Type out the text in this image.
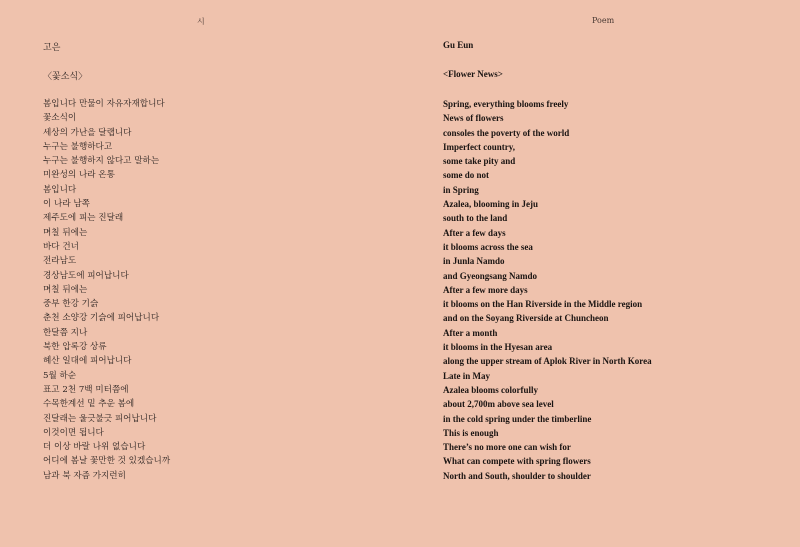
시
고은
〈꽃소식〉
봄입니다 만물이 자유자재합니다
꽃소식이
세상의 가난을 달랩니다
누구는 불행하다고
누구는 불행하지 않다고 말하는
미완성의 나라 온통
봄입니다
이 나라 남쪽
제주도에 피는 진달래
며칠 뒤에는
바다 건너
전라남도
경상남도에 피어납니다
며칠 뒤에는
중부 한강 기슭
춘천 소양강 기슭에 피어납니다
한달쯤 지나
북한 압록강 상류
혜산 일대에 피어납니다
5월 하순
표고 2천 7백 미터쯤에
수목한계선 밑 추운 봄에
진달래는 울긋불긋 피어납니다
이것이면 됩니다
더 이상 바랄 나위 없습니다
어디에 봄날 꽃만한 것 있겠습니까
남과 북 자즘 가지런히
Poem
Gu Eun
<Flower News>
Spring, everything blooms freely
News of flowers
consoles the poverty of the world
Imperfect country,
some take pity and
some do not
in Spring
Azalea, blooming in Jeju
south to the land
After a few days
it blooms across the sea
in Junla Namdo
and Gyeongsang Namdo
After a few more days
it blooms on the Han Riverside in the Middle region
and on the Soyang Riverside at Chuncheon
After a month
it blooms in the Hyesan area
along the upper stream of Aplok River in North Korea
Late in May
Azalea blooms colorfully
about 2,700m above sea level
in the cold spring under the timberline
This is enough
There’s no more one can wish for
What can compete with spring flowers
North and South, shoulder to shoulder
